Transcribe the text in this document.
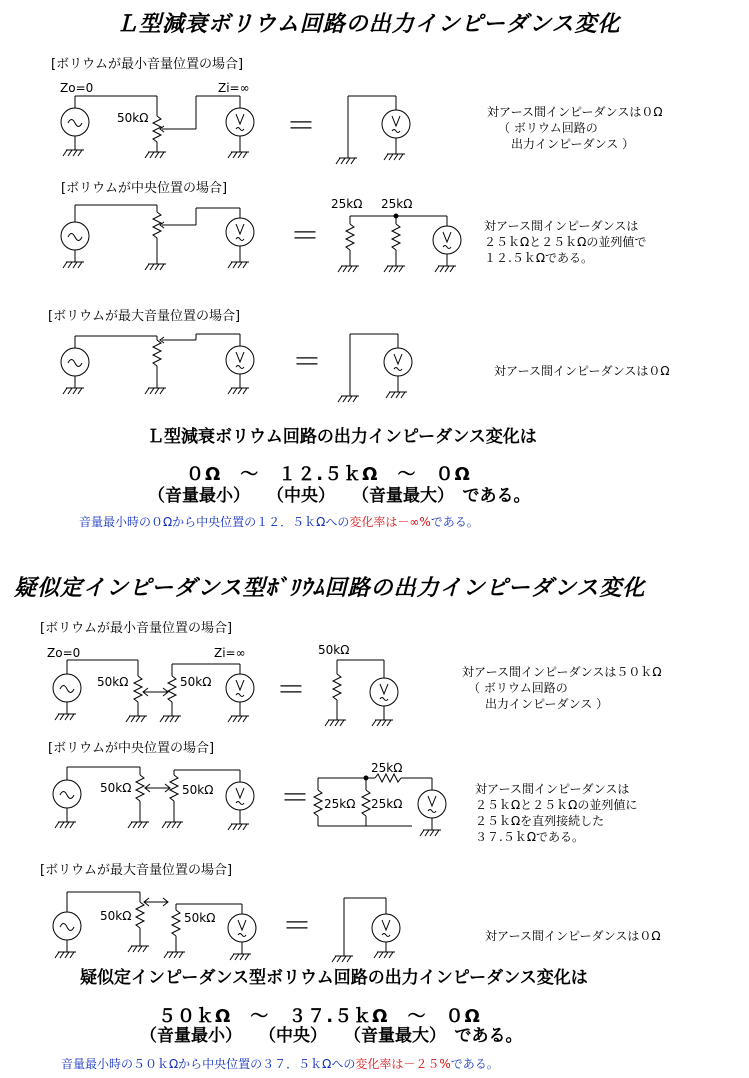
Ｌ型減衰ボリウム回路の出力インピーダンス変化
[ボリウムが最小音量位置の場合]
Zo=0	Zi=∞
50kΩ	＝	対アース間インピーダンスは０Ω
（ ボリウム回路の
出力インピーダンス ）
[ボリウムが中央位置の場合]
＝
25kΩ 25kΩ
対アース間インピーダンスは
２５ｋΩと２５ｋΩの並列値で
１２.５ｋΩである。
[ボリウムが最大音量位置の場合]
＝	対アース間インピーダンスは０Ω
Ｌ型減衰ボリウム回路の出力インピーダンス変化は
０Ω　～　１２.５ｋΩ　～　０Ω
（音量最小）　　（中央）　　（音量最大）　である。
音量最小時の０Ωから中央位置の１２．５ｋΩへの変化率は－∞%である。
疑似定インピーダンス型ﾎﾞﾘｳﾑ回路の出力インピーダンス変化
[ボリウムが最小音量位置の場合]
Zo=0	Zi=∞
50kΩ	50kΩ
50kΩ
＝
対アース間インピーダンスは５０ｋΩ
（ ボリウム回路の
出力インピーダンス ）
[ボリウムが中央位置の場合]
50kΩ	50kΩ ＝
25kΩ
25kΩ 25kΩ
対アース間インピーダンスは
２５ｋΩと２５ｋΩの並列値に
２５ｋΩを直列接続した
３７.５ｋΩである。
[ボリウムが最大音量位置の場合]
50kΩ	50kΩ ＝	対アース間インピーダンスは０Ω
疑似定インピーダンス型ボリウム回路の出力インピーダンス変化は
５０ｋΩ　～　３７.５ｋΩ　～　０Ω
（音量最小）　　（中央）　　（音量最大）　である。
音量最小時の５０ｋΩから中央位置の３７．５ｋΩへの変化率は－２５%である。
